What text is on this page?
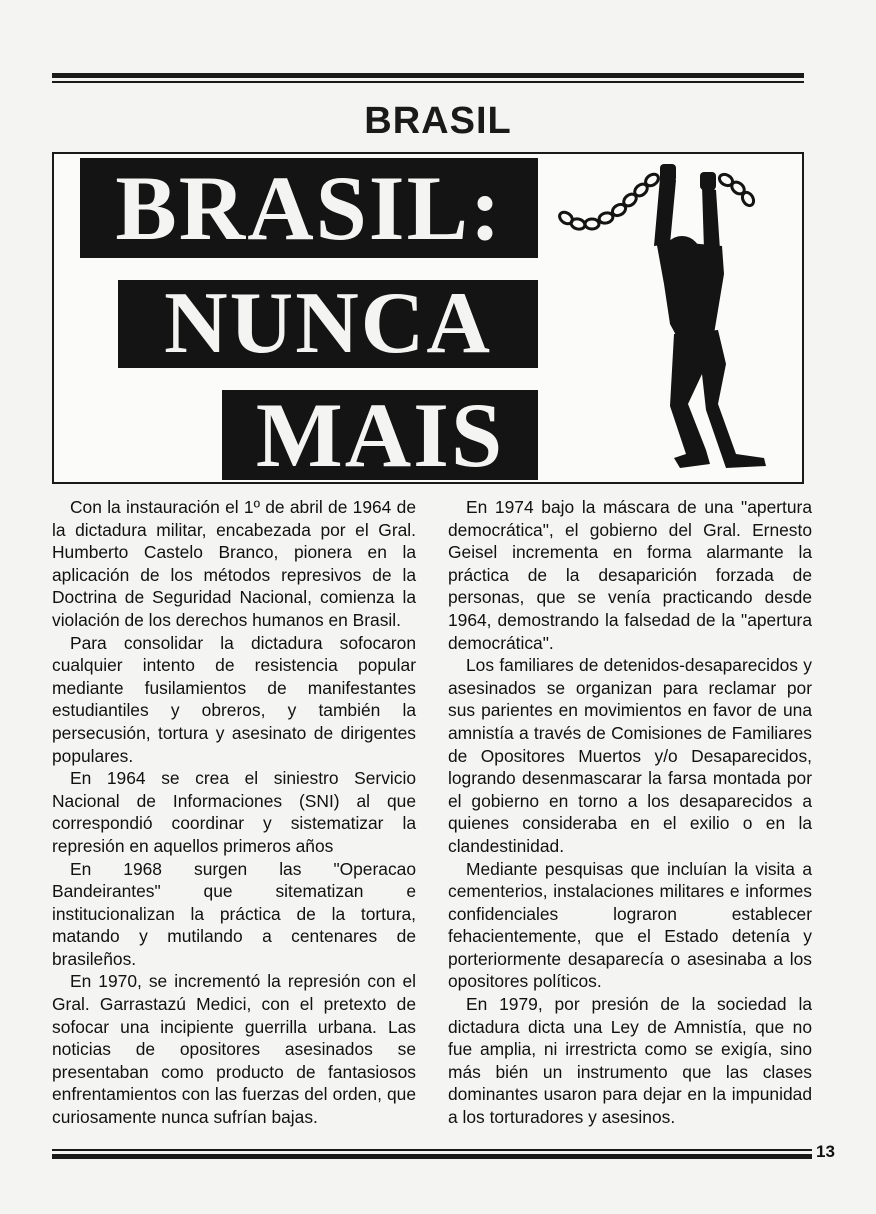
BRASIL
BRASIL:
NUNCA
MAIS

Con la instauración el 1º de abril de 1964 de la dictadura militar, encabezada por el Gral. Humberto Castelo Branco, pionera en la aplicación de los métodos represivos de la Doctrina de Seguridad Nacional, comienza la violación de los derechos humanos en Brasil.

Para consolidar la dictadura sofocaron cualquier intento de resistencia popular mediante fusilamientos de manifestantes estudiantiles y obreros, y también la persecusión, tortura y asesinato de dirigentes populares.

En 1964 se crea el siniestro Servicio Nacional de Informaciones (SNI) al que correspondió coordinar y sistematizar la represión en aquellos primeros años

En 1968 surgen las "Operacao Bandeirantes" que sitematizan e institucionalizan la práctica de la tortura, matando y mutilando a centenares de brasileños.

En 1970, se incrementó la represión con el Gral. Garrastazú Medici, con el pretexto de sofocar una incipiente guerrilla urbana. Las noticias de opositores asesinados se presentaban como producto de fantasiosos enfrentamientos con las fuerzas del orden, que curiosamente nunca sufrían bajas.

En 1974 bajo la máscara de una "apertura democrática", el gobierno del Gral. Ernesto Geisel incrementa en forma alarmante la práctica de la desaparición forzada de personas, que se venía practicando desde 1964, demostrando la falsedad de la "apertura democrática".

Los familiares de detenidos-desaparecidos y asesinados se organizan para reclamar por sus parientes en movimientos en favor de una amnistía a través de Comisiones de Familiares de Opositores Muertos y/o Desaparecidos, logrando desenmascarar la farsa montada por el gobierno en torno a los desaparecidos a quienes consideraba en el exilio o en la clandestinidad.

Mediante pesquisas que incluían la visita a cementerios, instalaciones militares e informes confidenciales lograron establecer fehacientemente, que el Estado detenía y porteriormente desaparecía o asesinaba a los opositores políticos.

En 1979, por presión de la sociedad la dictadura dicta una Ley de Amnistía, que no fue amplia, ni irrestricta como se exigía, sino más bién un instrumento que las clases dominantes usaron para dejar en la impunidad a los torturadores y asesinos.

13
